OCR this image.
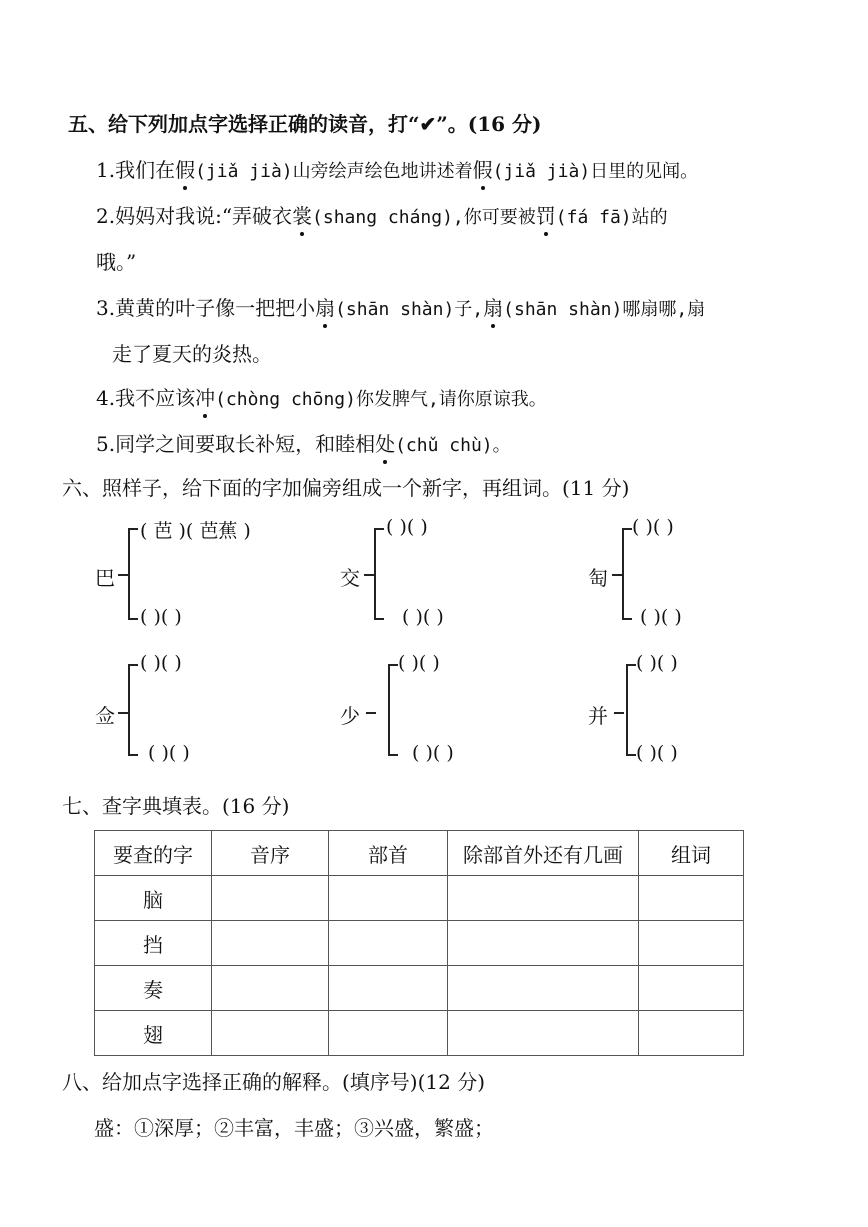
五、给下列加点字选择正确的读音，打“✔”。(16 分)
1.我们在假(jiǎ jià)山旁绘声绘色地讲述着假(jiǎ jià)日里的见闻。
2.妈妈对我说:“弄破衣裳(shang cháng),你可要被罚(fá fā)站的
哦。”
3.黄黄的叶子像一把把小扇(shān shàn)子,扇(shān shàn)哪扇哪,扇
走了夏天的炎热。
4.我不应该冲(chòng chōng)你发脾气,请你原谅我。
5.同学之间要取长补短，和睦相处(chǔ chù)。
六、照样子，给下面的字加偏旁组成一个新字，再组词。(11 分)
巴
( 芭 )( 芭蕉 )
( )( )
交
( )( )
( )( )
匋
( )( )
( )( )
佥
( )( )
( )( )
少
( )( )
( )( )
并
( )( )
( )( )
七、查字典填表。(16 分)
要查的字	音序	部首	除部首外还有几画	组词
脑				
挡				
奏				
翅				
八、给加点字选择正确的解释。(填序号)(12 分)
盛：①深厚；②丰富，丰盛；③兴盛，繁盛；
